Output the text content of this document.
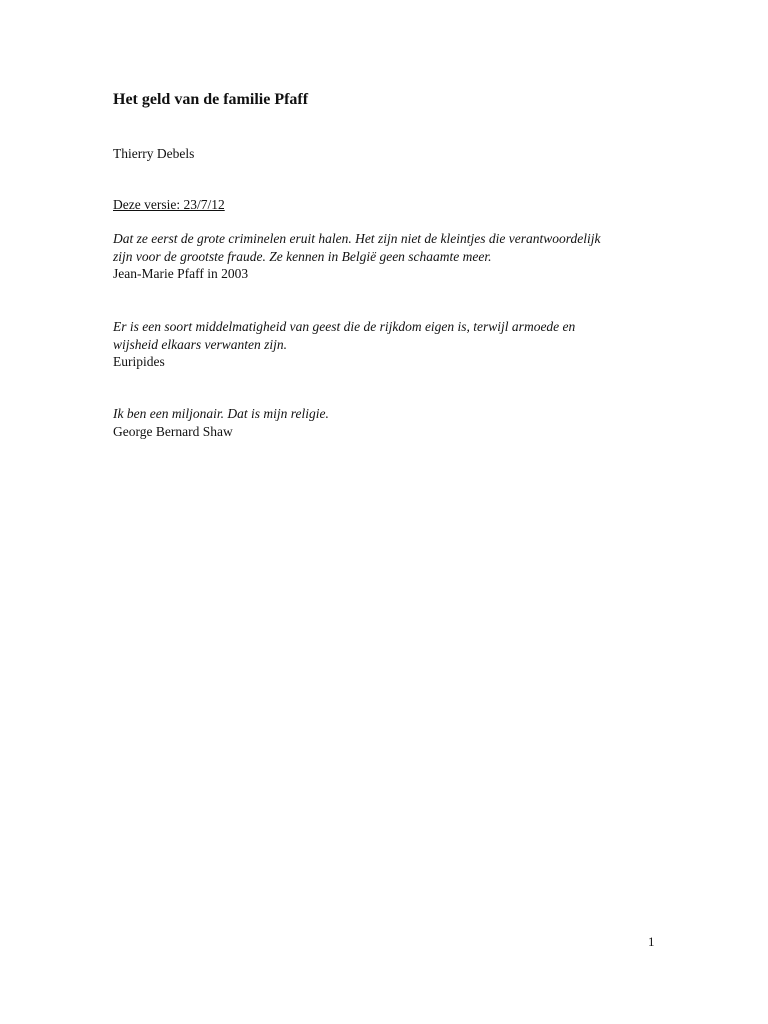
Het geld van de familie Pfaff

Thierry Debels

Deze versie: 23/7/12

Dat ze eerst de grote criminelen eruit halen. Het zijn niet de kleintjes die verantwoordelijk
zijn voor de grootste fraude. Ze kennen in België geen schaamte meer.

Jean-Marie Pfaff in 2003

Er is een soort middelmatigheid van geest die de rijkdom eigen is, terwijl armoede en
wijsheid elkaars verwanten zijn.

Euripides

Ik ben een miljonair. Dat is mijn religie.

George Bernard Shaw

1
